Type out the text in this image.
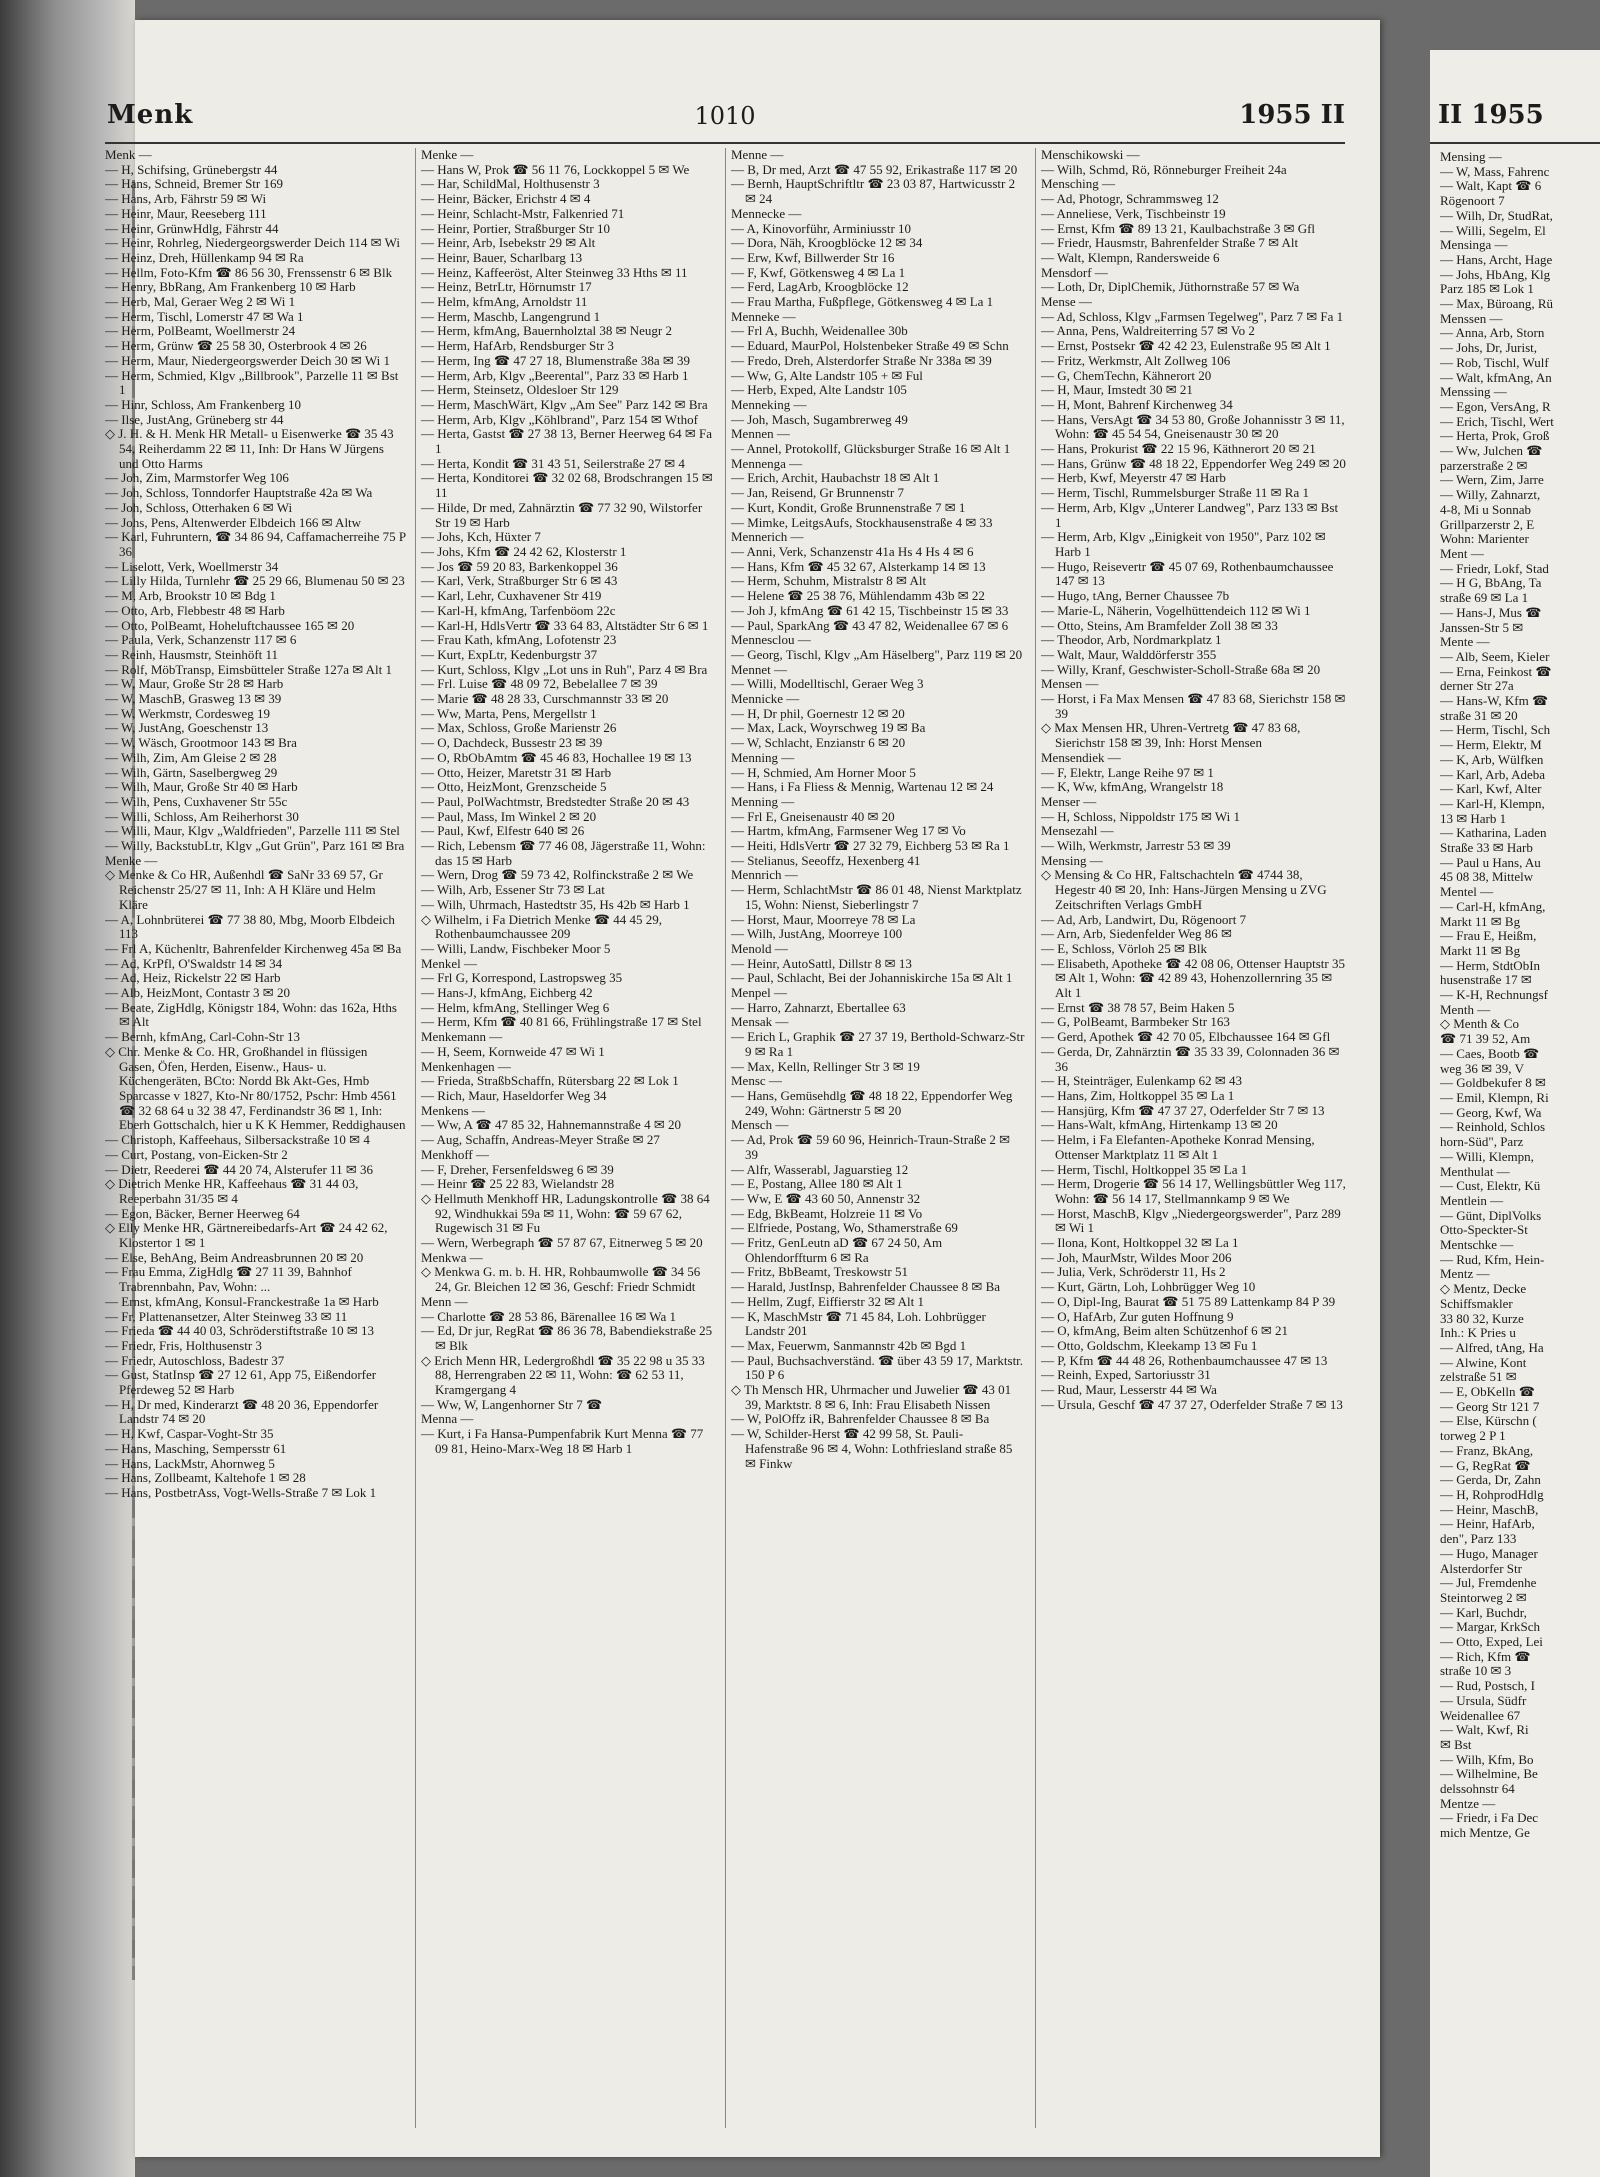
Menk	1010	1955 II

Menk —

— H, Schifsing, Grünebergstr 44

— Hans, Schneid, Bremer Str 169

— Hans, Arb, Fährstr 59 ✉ Wi

— Heinr, Maur, Reeseberg 111

— Heinr, GrünwHdlg, Fährstr 44

— Heinr, Rohrleg, Niedergeorgswerder Deich 114 ✉ Wi

— Heinz, Dreh, Hüllenkamp 94 ✉ Ra

— Hellm, Foto-Kfm ☎ 86 56 30, Frenssenstr 6 ✉ Blk

— Henry, BbRang, Am Frankenberg 10 ✉ Harb

— Herb, Mal, Geraer Weg 2 ✉ Wi 1

— Herm, Tischl, Lomerstr 47 ✉ Wa 1

— Herm, PolBeamt, Woellmerstr 24

— Herm, Grünw ☎ 25 58 30, Osterbrook 4 ✉ 26

— Herm, Maur, Niedergeorgswerder Deich 30 ✉ Wi 1

— Herm, Schmied, Klgv „Billbrook", Parzelle 11 ✉ Bst 1

— Hinr, Schloss, Am Frankenberg 10

— Ilse, JustAng, Grüneberg str 44

◇ J. H. & H. Menk HR Metall- u Eisenwerke ☎ 35 43 54, Reiherdamm 22 ✉ 11, Inh: Dr Hans W Jürgens und Otto Harms

— Joh, Zim, Marmstorfer Weg 106

— Joh, Schloss, Tonndorfer Hauptstraße 42a ✉ Wa

— Joh, Schloss, Otterhaken 6 ✉ Wi

— Johs, Pens, Altenwerder Elbdeich 166 ✉ Altw

— Karl, Fuhruntern, ☎ 34 86 94, Caffamacherreihe 75 P 36

— Liselott, Verk, Woellmerstr 34

— Lilly Hilda, Turnlehr ☎ 25 29 66, Blumenau 50 ✉ 23

— M, Arb, Brookstr 10 ✉ Bdg 1

— Otto, Arb, Flebbestr 48 ✉ Harb

— Otto, PolBeamt, Hoheluftchaussee 165 ✉ 20

— Paula, Verk, Schanzenstr 117 ✉ 6

— Reinh, Hausmstr, Steinhöft 11

— Rolf, MöbTransp, Eimsbütteler Straße 127a ✉ Alt 1

— W, Maur, Große Str 28 ✉ Harb

— W, MaschB, Grasweg 13 ✉ 39

— W, Werkmstr, Cordesweg 19

— W, JustAng, Goeschenstr 13

— W, Wäsch, Grootmoor 143 ✉ Bra

— Wilh, Zim, Am Gleise 2 ✉ 28

— Wilh, Gärtn, Saselbergweg 29

— Wilh, Maur, Große Str 40 ✉ Harb

— Wilh, Pens, Cuxhavener Str 55c

— Willi, Schloss, Am Reiherhorst 30

— Willi, Maur, Klgv „Waldfrieden", Parzelle 111 ✉ Stel

— Willy, BackstubLtr, Klgv „Gut Grün", Parz 161 ✉ Bra

Menke —

◇ Menke & Co HR, Außenhdl ☎ SaNr 33 69 57, Gr Reichenstr 25/27 ✉ 11, Inh: A H Kläre und Helm Kläre

— A, Lohnbrüterei ☎ 77 38 80, Mbg, Moorb Elbdeich 113

— Frl A, Küchenltr, Bahrenfelder Kirchenweg 45a ✉ Ba

— Ad, KrPfl, O'Swaldstr 14 ✉ 34

— Ad, Heiz, Rickelstr 22 ✉ Harb

— Alb, HeizMont, Contastr 3 ✉ 20

— Beate, ZigHdlg, Königstr 184, Wohn: das 162a, Hths ✉ Alt

— Bernh, kfmAng, Carl-Cohn-Str 13

◇ Chr. Menke & Co. HR, Großhandel in flüssigen Gasen, Öfen, Herden, Eisenw., Haus- u. Küchengeräten, BCto: Nordd Bk Akt-Ges, Hmb Sparcasse v 1827, Kto-Nr 80/1752, Pschr: Hmb 4561 ☎ 32 68 64 u 32 38 47, Ferdinandstr 36 ✉ 1, Inh: Eberh Gottschalch, hier u K K Hemmer, Reddighausen

— Christoph, Kaffeehaus, Silbersackstraße 10 ✉ 4

— Curt, Postang, von-Eicken-Str 2

— Dietr, Reederei ☎ 44 20 74, Alsterufer 11 ✉ 36

◇ Dietrich Menke HR, Kaffeehaus ☎ 31 44 03, Reeperbahn 31/35 ✉ 4

— Egon, Bäcker, Berner Heerweg 64

◇ Elly Menke HR, Gärtnereibedarfs-Art ☎ 24 42 62, Klostertor 1 ✉ 1

— Else, BehAng, Beim Andreasbrunnen 20 ✉ 20

— Frau Emma, ZigHdlg ☎ 27 11 39, Bahnhof Trabrennbahn, Pav, Wohn: ...

— Ernst, kfmAng, Konsul-Franckestraße 1a ✉ Harb

— Fr, Plattenansetzer, Alter Steinweg 33 ✉ 11

— Frieda ☎ 44 40 03, Schröderstiftstraße 10 ✉ 13

— Friedr, Fris, Holthusenstr 3

— Friedr, Autoschloss, Badestr 37

— Gust, StatInsp ☎ 27 12 61, App 75, Eißendorfer Pferdeweg 52 ✉ Harb

— H, Dr med, Kinderarzt ☎ 48 20 36, Eppendorfer Landstr 74 ✉ 20

— H, Kwf, Caspar-Voght-Str 35

— Hans, Masching, Sempersstr 61

— Hans, LackMstr, Ahornweg 5

— Hans, Zollbeamt, Kaltehofe 1 ✉ 28

— Hans, PostbetrAss, Vogt-Wells-Straße 7 ✉ Lok 1

Menke —

— Hans W, Prok ☎ 56 11 76, Lockkoppel 5 ✉ We

— Har, SchildMal, Holthusenstr 3

— Heinr, Bäcker, Erichstr 4 ✉ 4

— Heinr, Schlacht-Mstr, Falkenried 71

— Heinr, Portier, Straßburger Str 10

— Heinr, Arb, Isebekstr 29 ✉ Alt

— Heinr, Bauer, Scharlbarg 13

— Heinz, Kaffeeröst, Alter Steinweg 33 Hths ✉ 11

— Heinz, BetrLtr, Hörnumstr 17

— Helm, kfmAng, Arnoldstr 11

— Herm, Maschb, Langengrund 1

— Herm, kfmAng, Bauernholztal 38 ✉ Neugr 2

— Herm, HafArb, Rendsburger Str 3

— Herm, Ing ☎ 47 27 18, Blumenstraße 38a ✉ 39

— Herm, Arb, Klgv „Beerental", Parz 33 ✉ Harb 1

— Herm, Steinsetz, Oldesloer Str 129

— Herm, MaschWärt, Klgv „Am See" Parz 142 ✉ Bra

— Herm, Arb, Klgv „Köhlbrand", Parz 154 ✉ Wthof

— Herta, Gastst ☎ 27 38 13, Berner Heerweg 64 ✉ Fa 1

— Herta, Kondit ☎ 31 43 51, Seilerstraße 27 ✉ 4

— Herta, Konditorei ☎ 32 02 68, Brodschrangen 15 ✉ 11

— Hilde, Dr med, Zahnärztin ☎ 77 32 90, Wilstorfer Str 19 ✉ Harb

— Johs, Kch, Hüxter 7

— Johs, Kfm ☎ 24 42 62, Klosterstr 1

— Jos ☎ 59 20 83, Barkenkoppel 36

— Karl, Verk, Straßburger Str 6 ✉ 43

— Karl, Lehr, Cuxhavener Str 419

— Karl-H, kfmAng, Tarfenböom 22c

— Karl-H, HdlsVertr ☎ 33 64 83, Altstädter Str 6 ✉ 1

— Frau Kath, kfmAng, Lofotenstr 23

— Kurt, ExpLtr, Kedenburgstr 37

— Kurt, Schloss, Klgv „Lot uns in Ruh", Parz 4 ✉ Bra

— Frl. Luise ☎ 48 09 72, Bebelallee 7 ✉ 39

— Marie ☎ 48 28 33, Curschmannstr 33 ✉ 20

— Ww, Marta, Pens, Mergellstr 1

— Max, Schloss, Große Marienstr 26

— O, Dachdeck, Bussestr 23 ✉ 39

— O, RbObAmtm ☎ 45 46 83, Hochallee 19 ✉ 13

— Otto, Heizer, Maretstr 31 ✉ Harb

— Otto, HeizMont, Grenzscheide 5

— Paul, PolWachtmstr, Bredstedter Straße 20 ✉ 43

— Paul, Mass, Im Winkel 2 ✉ 20

— Paul, Kwf, Elfestr 640 ✉ 26

— Rich, Lebensm ☎ 77 46 08, Jägerstraße 11, Wohn: das 15 ✉ Harb

— Wern, Drog ☎ 59 73 42, Rolfinckstraße 2 ✉ We

— Wilh, Arb, Essener Str 73 ✉ Lat

— Wilh, Uhrmach, Hastedtstr 35, Hs 42b ✉ Harb 1

◇ Wilhelm, i Fa Dietrich Menke ☎ 44 45 29, Rothenbaumchaussee 209

— Willi, Landw, Fischbeker Moor 5

Menkel —

— Frl G, Korrespond, Lastropsweg 35

— Hans-J, kfmAng, Eichberg 42

— Helm, kfmAng, Stellinger Weg 6

— Herm, Kfm ☎ 40 81 66, Frühlingstraße 17 ✉ Stel

Menkemann —

— H, Seem, Kornweide 47 ✉ Wi 1

Menkenhagen —

— Frieda, StraßbSchaffn, Rütersbarg 22 ✉ Lok 1

— Rich, Maur, Haseldorfer Weg 34

Menkens —

— Ww, A ☎ 47 85 32, Hahnemannstraße 4 ✉ 20

— Aug, Schaffn, Andreas-Meyer Straße ✉ 27

Menkhoff —

— F, Dreher, Fersenfeldsweg 6 ✉ 39

— Heinr ☎ 25 22 83, Wielandstr 28

◇ Hellmuth Menkhoff HR, Ladungskontrolle ☎ 38 64 92, Windhukkai 59a ✉ 11, Wohn: ☎ 59 67 62, Rugewisch 31 ✉ Fu

— Wern, Werbegraph ☎ 57 87 67, Eitnerweg 5 ✉ 20

Menkwa —

◇ Menkwa G. m. b. H. HR, Rohbaumwolle ☎ 34 56 24, Gr. Bleichen 12 ✉ 36, Geschf: Friedr Schmidt

Menn —

— Charlotte ☎ 28 53 86, Bärenallee 16 ✉ Wa 1

— Ed, Dr jur, RegRat ☎ 86 36 78, Babendiekstraße 25 ✉ Blk

◇ Erich Menn HR, Ledergroßhdl ☎ 35 22 98 u 35 33 88, Herrengraben 22 ✉ 11, Wohn: ☎ 62 53 11, Kramgergang 4

— Ww, W, Langenhorner Str 7 ☎

Menna —

— Kurt, i Fa Hansa-Pumpenfabrik Kurt Menna ☎ 77 09 81, Heino-Marx-Weg 18 ✉ Harb 1

Menne —

— B, Dr med, Arzt ☎ 47 55 92, Erikastraße 117 ✉ 20

— Bernh, HauptSchriftltr ☎ 23 03 87, Hartwicusstr 2 ✉ 24

Mennecke —

— A, Kinovorführ, Arminiusstr 10

— Dora, Näh, Kroogblöcke 12 ✉ 34

— Erw, Kwf, Billwerder Str 16

— F, Kwf, Götkensweg 4 ✉ La 1

— Ferd, LagArb, Kroogblöcke 12

— Frau Martha, Fußpflege, Götkensweg 4 ✉ La 1

Menneke —

— Frl A, Buchh, Weidenallee 30b

— Eduard, MaurPol, Holstenbeker Straße 49 ✉ Schn

— Fredo, Dreh, Alsterdorfer Straße Nr 338a ✉ 39

— Ww, G, Alte Landstr 105 + ✉ Ful

— Herb, Exped, Alte Landstr 105

Menneking —

— Joh, Masch, Sugambrerweg 49

Mennen —

— Annel, Protokollf, Glücksburger Straße 16 ✉ Alt 1

Mennenga —

— Erich, Archit, Haubachstr 18 ✉ Alt 1

— Jan, Reisend, Gr Brunnenstr 7

— Kurt, Kondit, Große Brunnenstraße 7 ✉ 1

— Mimke, LeitgsAufs, Stockhausenstraße 4 ✉ 33

Mennerich —

— Anni, Verk, Schanzenstr 41a Hs 4 Hs 4 ✉ 6

— Hans, Kfm ☎ 45 32 67, Alsterkamp 14 ✉ 13

— Herm, Schuhm, Mistralstr 8 ✉ Alt

— Helene ☎ 25 38 76, Mühlendamm 43b ✉ 22

— Joh J, kfmAng ☎ 61 42 15, Tischbeinstr 15 ✉ 33

— Paul, SparkAng ☎ 43 47 82, Weidenallee 67 ✉ 6

Mennesclou —

— Georg, Tischl, Klgv „Am Häselberg", Parz 119 ✉ 20

Mennet —

— Willi, Modelltischl, Geraer Weg 3

Mennicke —

— H, Dr phil, Goernestr 12 ✉ 20

— Max, Lack, Woyrschweg 19 ✉ Ba

— W, Schlacht, Enzianstr 6 ✉ 20

Menning —

— H, Schmied, Am Horner Moor 5

— Hans, i Fa Fliess & Mennig, Wartenau 12 ✉ 24

Menning —

— Frl E, Gneisenaustr 40 ✉ 20

— Hartm, kfmAng, Farmsener Weg 17 ✉ Vo

— Heiti, HdlsVertr ☎ 27 32 79, Eichberg 53 ✉ Ra 1

— Stelianus, Seeoffz, Hexenberg 41

Mennrich —

— Herm, SchlachtMstr ☎ 86 01 48, Nienst Marktplatz 15, Wohn: Nienst, Sieberlingstr 7

— Horst, Maur, Moorreye 78 ✉ La

— Wilh, JustAng, Moorreye 100

Menold —

— Heinr, AutoSattl, Dillstr 8 ✉ 13

— Paul, Schlacht, Bei der Johanniskirche 15a ✉ Alt 1

Menpel —

— Harro, Zahnarzt, Ebertallee 63

Mensak —

— Erich L, Graphik ☎ 27 37 19, Berthold-Schwarz-Str 9 ✉ Ra 1

— Max, Kelln, Rellinger Str 3 ✉ 19

Mensc —

— Hans, Gemüsehdlg ☎ 48 18 22, Eppendorfer Weg 249, Wohn: Gärtnerstr 5 ✉ 20

Mensch —

— Ad, Prok ☎ 59 60 96, Heinrich-Traun-Straße 2 ✉ 39

— Alfr, Wasserabl, Jaguarstieg 12

— E, Postang, Allee 180 ✉ Alt 1

— Ww, E ☎ 43 60 50, Annenstr 32

— Edg, BkBeamt, Holzreie 11 ✉ Vo

— Elfriede, Postang, Wo, Sthamerstraße 69

— Fritz, GenLeutn aD ☎ 67 24 50, Am Ohlendorffturm 6 ✉ Ra

— Fritz, BbBeamt, Treskowstr 51

— Harald, JustInsp, Bahrenfelder Chaussee 8 ✉ Ba

— Hellm, Zugf, Eiffierstr 32 ✉ Alt 1

— K, MaschMstr ☎ 71 45 84, Loh. Lohbrügger Landstr 201

— Max, Feuerwm, Sanmannstr 42b ✉ Bgd 1

— Paul, Buchsachverständ. ☎ über 43 59 17, Marktstr. 150 P 6

◇ Th Mensch HR, Uhrmacher und Juwelier ☎ 43 01 39, Marktstr. 8 ✉ 6, Inh: Frau Elisabeth Nissen

— W, PolOffz iR, Bahrenfelder Chaussee 8 ✉ Ba

— W, Schilder-Herst ☎ 42 99 58, St. Pauli-Hafenstraße 96 ✉ 4, Wohn: Lothfriesland straße 85 ✉ Finkw

Menschikowski —

— Wilh, Schmd, Rö, Rönneburger Freiheit 24a

Mensching —

— Ad, Photogr, Schrammsweg 12

— Anneliese, Verk, Tischbeinstr 19

— Ernst, Kfm ☎ 89 13 21, Kaulbachstraße 3 ✉ Gfl

— Friedr, Hausmstr, Bahrenfelder Straße 7 ✉ Alt

— Walt, Klempn, Randersweide 6

Mensdorf —

— Loth, Dr, DiplChemik, Jüthornstraße 57 ✉ Wa

Mense —

— Ad, Schloss, Klgv „Farmsen Tegelweg", Parz 7 ✉ Fa 1

— Anna, Pens, Waldreiterring 57 ✉ Vo 2

— Ernst, Postsekr ☎ 42 42 23, Eulenstraße 95 ✉ Alt 1

— Fritz, Werkmstr, Alt Zollweg 106

— G, ChemTechn, Kähnerort 20

— H, Maur, Imstedt 30 ✉ 21

— H, Mont, Bahrenf Kirchenweg 34

— Hans, VersAgt ☎ 34 53 80, Große Johannisstr 3 ✉ 11, Wohn: ☎ 45 54 54, Gneisenaustr 30 ✉ 20

— Hans, Prokurist ☎ 22 15 96, Käthnerort 20 ✉ 21

— Hans, Grünw ☎ 48 18 22, Eppendorfer Weg 249 ✉ 20

— Herb, Kwf, Meyerstr 47 ✉ Harb

— Herm, Tischl, Rummelsburger Straße 11 ✉ Ra 1

— Herm, Arb, Klgv „Unterer Landweg", Parz 133 ✉ Bst 1

— Herm, Arb, Klgv „Einigkeit von 1950", Parz 102 ✉ Harb 1

— Hugo, Reisevertr ☎ 45 07 69, Rothenbaumchaussee 147 ✉ 13

— Hugo, tAng, Berner Chaussee 7b

— Marie-L, Näherin, Vogelhüttendeich 112 ✉ Wi 1

— Otto, Steins, Am Bramfelder Zoll 38 ✉ 33

— Theodor, Arb, Nordmarkplatz 1

— Walt, Maur, Walddörferstr 355

— Willy, Kranf, Geschwister-Scholl-Straße 68a ✉ 20

Mensen —

— Horst, i Fa Max Mensen ☎ 47 83 68, Sierichstr 158 ✉ 39

◇ Max Mensen HR, Uhren-Vertretg ☎ 47 83 68, Sierichstr 158 ✉ 39, Inh: Horst Mensen

Mensendiek —

— F, Elektr, Lange Reihe 97 ✉ 1

— K, Ww, kfmAng, Wrangelstr 18

Menser —

— H, Schloss, Nippoldstr 175 ✉ Wi 1

Mensezahl —

— Wilh, Werkmstr, Jarrestr 53 ✉ 39

Mensing —

◇ Mensing & Co HR, Faltschachteln ☎ 4744 38, Hegestr 40 ✉ 20, Inh: Hans-Jürgen Mensing u ZVG Zeitschriften Verlags GmbH

— Ad, Arb, Landwirt, Du, Rögenoort 7

— Arn, Arb, Siedenfelder Weg 86 ✉

— E, Schloss, Vörloh 25 ✉ Blk

— Elisabeth, Apotheke ☎ 42 08 06, Ottenser Hauptstr 35 ✉ Alt 1, Wohn: ☎ 42 89 43, Hohenzollernring 35 ✉ Alt 1

— Ernst ☎ 38 78 57, Beim Haken 5

— G, PolBeamt, Barmbeker Str 163

— Gerd, Apothek ☎ 42 70 05, Elbchaussee 164 ✉ Gfl

— Gerda, Dr, Zahnärztin ☎ 35 33 39, Colonnaden 36 ✉ 36

— H, Steinträger, Eulenkamp 62 ✉ 43

— Hans, Zim, Holtkoppel 35 ✉ La 1

— Hansjürg, Kfm ☎ 47 37 27, Oderfelder Str 7 ✉ 13

— Hans-Walt, kfmAng, Hirtenkamp 13 ✉ 20

— Helm, i Fa Elefanten-Apotheke Konrad Mensing, Ottenser Marktplatz 11 ✉ Alt 1

— Herm, Tischl, Holtkoppel 35 ✉ La 1

— Herm, Drogerie ☎ 56 14 17, Wellingsbüttler Weg 117, Wohn: ☎ 56 14 17, Stellmannkamp 9 ✉ We

— Horst, MaschB, Klgv „Niedergeorgswerder", Parz 289 ✉ Wi 1

— Ilona, Kont, Holtkoppel 32 ✉ La 1

— Joh, MaurMstr, Wildes Moor 206

— Julia, Verk, Schröderstr 11, Hs 2

— Kurt, Gärtn, Loh, Lohbrügger Weg 10

— O, Dipl-Ing, Baurat ☎ 51 75 89 Lattenkamp 84 P 39

— O, HafArb, Zur guten Hoffnung 9

— O, kfmAng, Beim alten Schützenhof 6 ✉ 21

— Otto, Goldschm, Kleekamp 13 ✉ Fu 1

— P, Kfm ☎ 44 48 26, Rothenbaumchaussee 47 ✉ 13

— Reinh, Exped, Sartoriusstr 31

— Rud, Maur, Lesserstr 44 ✉ Wa

— Ursula, Geschf ☎ 47 37 27, Oderfelder Straße 7 ✉ 13

II 1955
Mensing —
— W, Mass, Fahrenc
— Walt, Kapt ☎ 6
Rögenoort 7
— Wilh, Dr, StudRat,
— Willi, Segelm, El
Mensinga —
— Hans, Archt, Hage
— Johs, HbAng, Klg
Parz 185 ✉ Lok 1
— Max, Büroang, Rü
Menssen —
— Anna, Arb, Storn
— Johs, Dr, Jurist,
— Rob, Tischl, Wulf
— Walt, kfmAng, An
Menssing —
— Egon, VersAng, R
— Erich, Tischl, Wert
— Herta, Prok, Groß
— Ww, Julchen ☎
parzerstraße 2 ✉
— Wern, Zim, Jarre
— Willy, Zahnarzt,
4-8, Mi u Sonnab
Grillparzerstr 2, E
Wohn: Marienter
Ment —
— Friedr, Lokf, Stad
— H G, BbAng, Ta
straße 69 ✉ La 1
— Hans-J, Mus ☎
Janssen-Str 5 ✉
Mente —
— Alb, Seem, Kieler
— Erna, Feinkost ☎
derner Str 27a
— Hans-W, Kfm ☎
straße 31 ✉ 20
— Herm, Tischl, Sch
— Herm, Elektr, M
— K, Arb, Wülfken
— Karl, Arb, Adeba
— Karl, Kwf, Alter
— Karl-H, Klempn,
13 ✉ Harb 1
— Katharina, Laden
Straße 33 ✉ Harb
— Paul u Hans, Au
45 08 38, Mittelw
Mentel —
— Carl-H, kfmAng,
Markt 11 ✉ Bg
— Frau E, Heißm,
Markt 11 ✉ Bg
— Herm, StdtObIn
husenstraße 17 ✉
— K-H, Rechnungsf
Menth —
◇ Menth & Co
☎ 71 39 52, Am
— Caes, Bootb ☎
weg 36 ✉ 39, V
— Goldbekufer 8 ✉
— Emil, Klempn, Ri
— Georg, Kwf, Wa
— Reinhold, Schlos
horn-Süd", Parz
— Willi, Klempn,
Menthulat —
— Cust, Elektr, Kü
Mentlein —
— Günt, DiplVolks
Otto-Speckter-St
Mentschke —
— Rud, Kfm, Hein-
Mentz —
◇ Mentz, Decke
Schiffsmakler
33 80 32, Kurze
Inh.: K Pries u
— Alfred, tAng, Ha
— Alwine, Kont
zelstraße 51 ✉
— E, ObKelln ☎
— Georg Str 121 7
— Else, Kürschn (
torweg 2 P 1
— Franz, BkAng,
— G, RegRat ☎
— Gerda, Dr, Zahn
— H, RohprodHdlg
— Heinr, MaschB,
— Heinr, HafArb,
den", Parz 133
— Hugo, Manager
Alsterdorfer Str
— Jul, Fremdenhe
Steintorweg 2 ✉
— Karl, Buchdr,
— Margar, KrkSch
— Otto, Exped, Lei
— Rich, Kfm ☎
straße 10 ✉ 3
— Rud, Postsch, I
— Ursula, Südfr
Weidenallee 67
— Walt, Kwf, Ri
✉ Bst
— Wilh, Kfm, Bo
— Wilhelmine, Be
delssohnstr 64
Mentze —
— Friedr, i Fa Dec
mich Mentze, Ge
